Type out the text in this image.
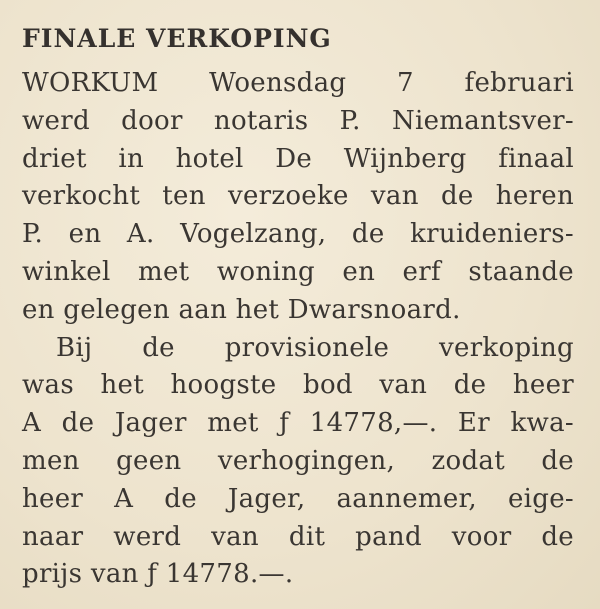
FINALE VERKOPING
WORKUM Woensdag 7 februari
werd door notaris P. Niemantsver-
driet in hotel De Wijnberg finaal
verkocht ten verzoeke van de heren
P. en A. Vogelzang, de kruideniers-
winkel met woning en erf staande
en gelegen aan het Dwarsnoard.
Bij de provisionele verkoping
was het hoogste bod van de heer
A de Jager met ƒ 14778,—. Er kwa-
men geen verhogingen, zodat de
heer A de Jager, aannemer, eige-
naar werd van dit pand voor de
prijs van ƒ 14778.—.
